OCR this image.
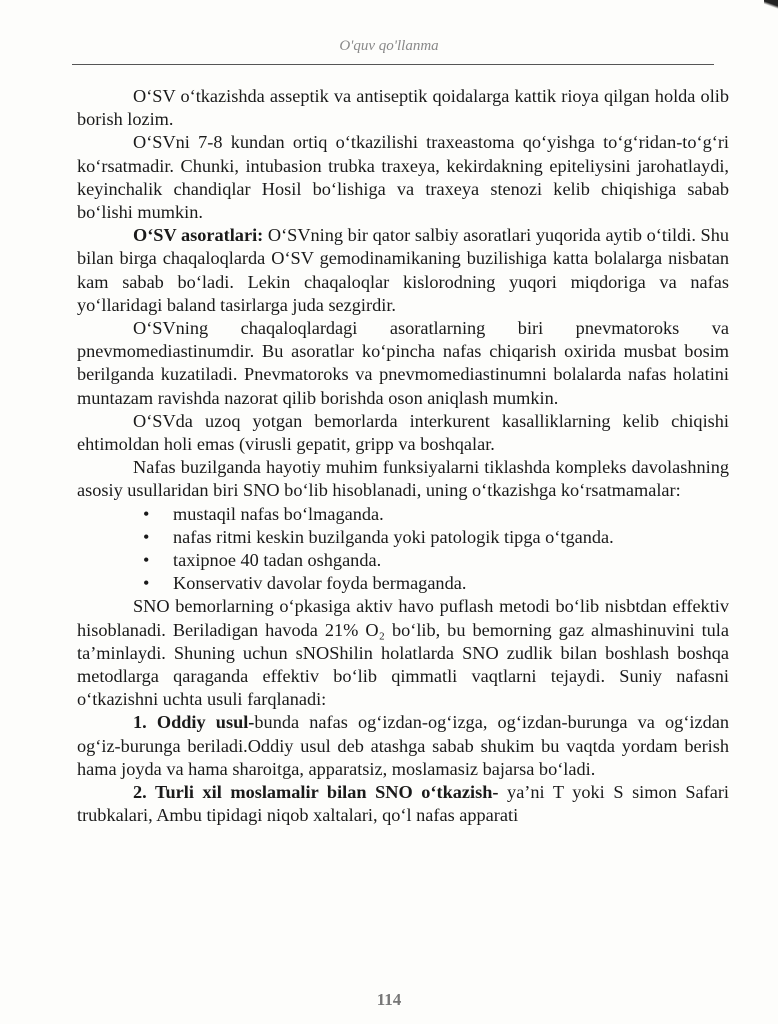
O'quv qo'llanma

O‘SV o‘tkazishda asseptik va antiseptik qoidalarga kattik rioya qilgan holda olib borish lozim.

O‘SVni 7-8 kundan ortiq o‘tkazilishi traxeastoma qo‘yishga to‘g‘ridan-to‘g‘ri ko‘rsatmadir. Chunki, intubasion trubka traxeya, kekirdakning epiteliysini jarohatlaydi, keyinchalik chandiqlar Hosil bo‘lishiga va traxeya stenozi kelib chiqishiga sabab bo‘lishi mumkin.

O‘SV asoratlari: O‘SVning bir qator salbiy asoratlari yuqorida aytib o‘tildi. Shu bilan birga chaqaloqlarda O‘SV gemodinamikaning buzilishiga katta bolalarga nisbatan kam sabab bo‘ladi. Lekin chaqaloqlar kislorodning yuqori miqdoriga va nafas yo‘llaridagi baland tasirlarga juda sezgirdir.

O‘SVning chaqaloqlardagi asoratlarning biri pnevmatoroks va pnevmomediastinumdir. Bu asoratlar ko‘pincha nafas chiqarish oxirida musbat bosim berilganda kuzatiladi. Pnevmatoroks va pnevmomediastinumni bolalarda nafas holatini muntazam ravishda nazorat qilib borishda oson aniqlash mumkin.

O‘SVda uzoq yotgan bemorlarda interkurent kasalliklarning kelib chiqishi ehtimoldan holi emas (virusli gepatit, gripp va boshqalar.

Nafas buzilganda hayotiy muhim funksiyalarni tiklashda kompleks davolashning asosiy usullaridan biri SNO bo‘lib hisoblanadi, uning o‘tkazishga ko‘rsatmamalar:

• mustaqil nafas bo‘lmaganda.
• nafas ritmi keskin buzilganda yoki patologik tipga o‘tganda.
• taxipnoe 40 tadan oshganda.
• Konservativ davolar foyda bermaganda.

SNO bemorlarning o‘pkasiga aktiv havo puflash metodi bo‘lib nisbtdan effektiv hisoblanadi. Beriladigan havoda 21% O₂ bo‘lib, bu bemorning gaz almashinuvini tula ta’minlaydi. Shuning uchun sNOShilin holatlarda SNO zudlik bilan boshlash boshqa metodlarga qaraganda effektiv bo‘lib qimmatli vaqtlarni tejaydi. Suniy nafasni o‘tkazishni uchta usuli farqlanadi:

1. Oddiy usul-bunda nafas og‘izdan-og‘izga, og‘izdan-burunga va og‘izdan og‘iz-burunga beriladi.Oddiy usul deb atashga sabab shukim bu vaqtda yordam berish hama joyda va hama sharoitga, apparatsiz, moslamasiz bajarsa bo‘ladi.

2. Turli xil moslamalir bilan SNO o‘tkazish- ya’ni T yoki S simon Safari trubkalari, Ambu tipidagi niqob xaltalari, qo‘l nafas apparati

114
